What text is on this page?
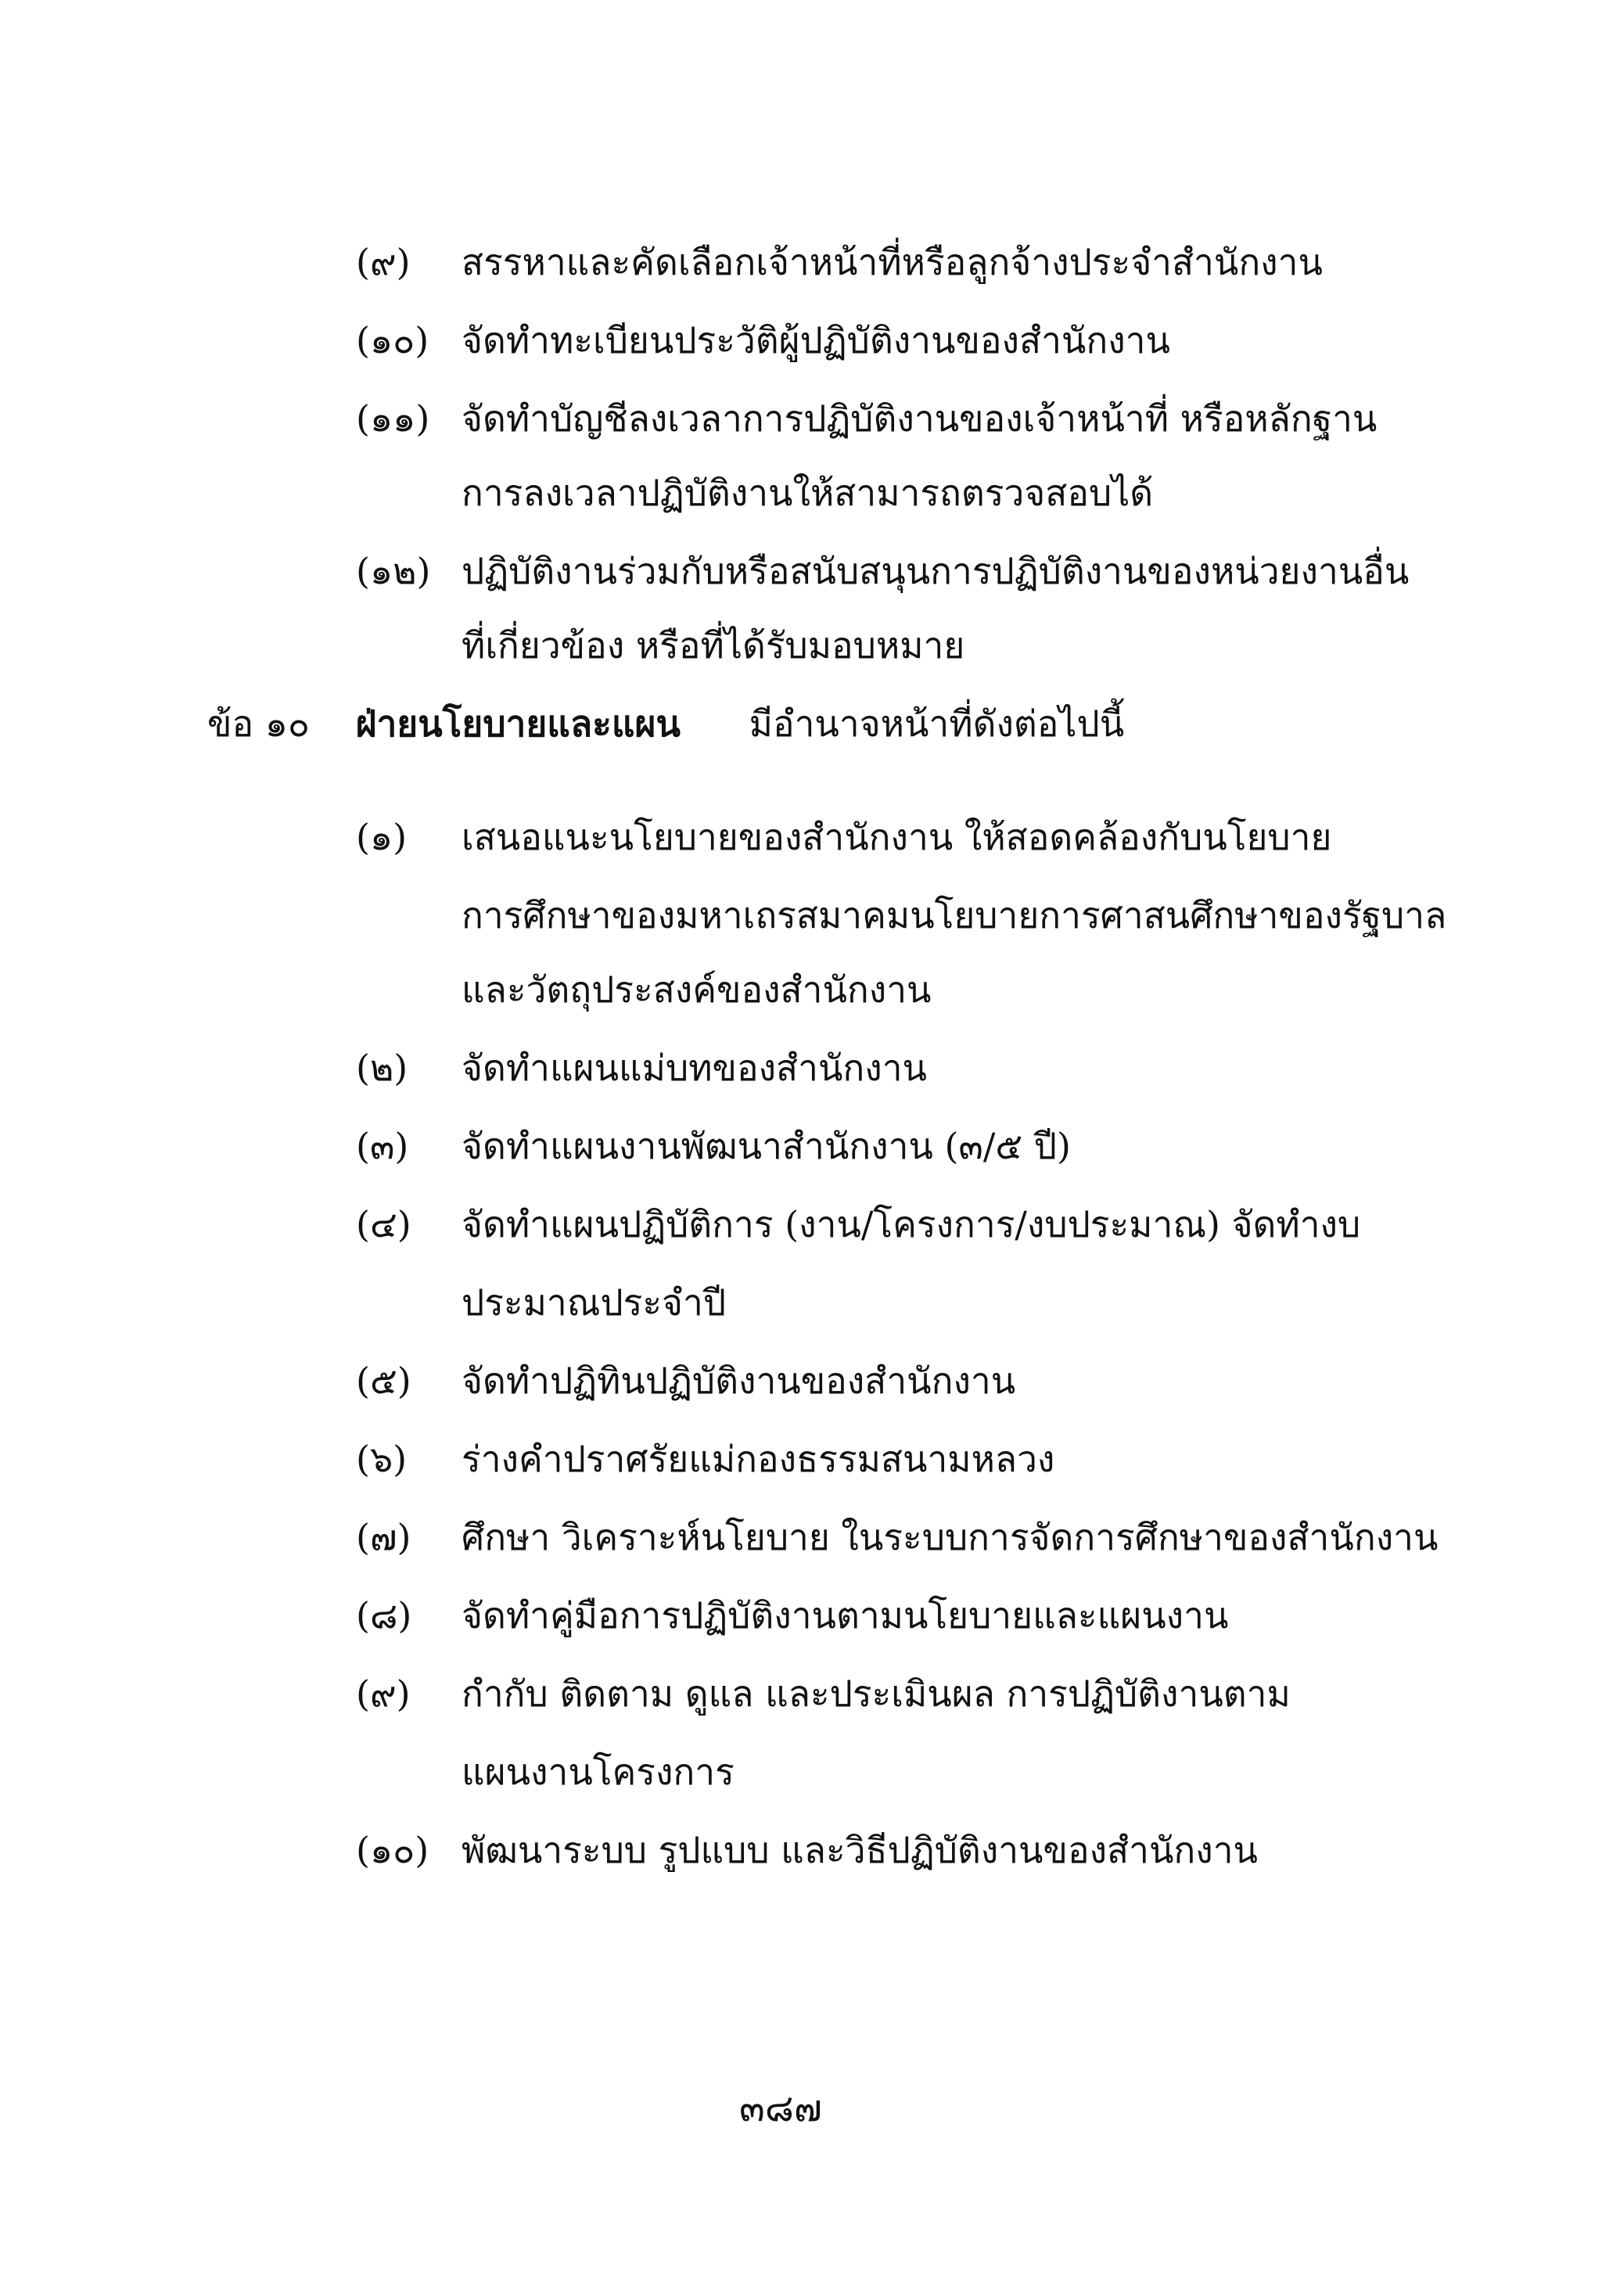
(๙) สรรหาและคัดเลือกเจ้าหน้าที่หรือลูกจ้างประจำสำนักงาน
(๑๐) จัดทำทะเบียนประวัติผู้ปฏิบัติงานของสำนักงาน
(๑๑) จัดทำบัญชีลงเวลาการปฏิบัติงานของเจ้าหน้าที่ หรือหลักฐาน
การลงเวลาปฏิบัติงานให้สามารถตรวจสอบได้
(๑๒) ปฏิบัติงานร่วมกับหรือสนับสนุนการปฏิบัติงานของหน่วยงานอื่น
ที่เกี่ยวข้อง หรือที่ได้รับมอบหมาย
ข้อ ๑๐ ฝ่ายนโยบายและแผน มีอำนาจหน้าที่ดังต่อไปนี้
(๑) เสนอแนะนโยบายของสำนักงาน ให้สอดคล้องกับนโยบาย
การศึกษาของมหาเถรสมาคมนโยบายการศาสนศึกษาของรัฐบาล
และวัตถุประสงค์ของสำนักงาน
(๒) จัดทำแผนแม่บทของสำนักงาน
(๓) จัดทำแผนงานพัฒนาสำนักงาน (๓/๕ ปี)
(๔) จัดทำแผนปฏิบัติการ (งาน/โครงการ/งบประมาณ) จัดทำงบ
ประมาณประจำปี
(๕) จัดทำปฏิทินปฏิบัติงานของสำนักงาน
(๖) ร่างคำปราศรัยแม่กองธรรมสนามหลวง
(๗) ศึกษา วิเคราะห์นโยบาย ในระบบการจัดการศึกษาของสำนักงาน
(๘) จัดทำคู่มือการปฏิบัติงานตามนโยบายและแผนงาน
(๙) กำกับ ติดตาม ดูแล และประเมินผล การปฏิบัติงานตาม
แผนงานโครงการ
(๑๐) พัฒนาระบบ รูปแบบ และวิธีปฏิบัติงานของสำนักงาน
๓๘๗
